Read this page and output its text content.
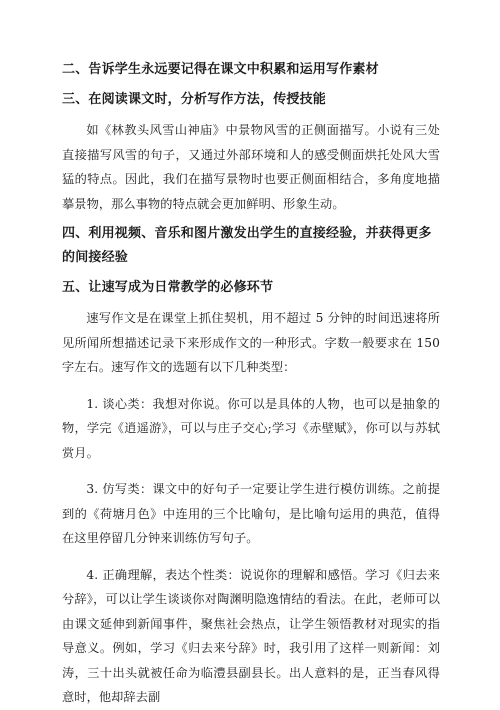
二、告诉学生永远要记得在课文中积累和运用写作素材

三、在阅读课文时，分析写作方法，传授技能

如《林教头风雪山神庙》中景物风雪的正侧面描写。小说有三处直接描写风雪的句子，又通过外部环境和人的感受侧面烘托处风大雪猛的特点。因此，我们在描写景物时也要正侧面相结合，多角度地描摹景物，那么事物的特点就会更加鲜明、形象生动。

四、利用视频、音乐和图片激发出学生的直接经验，并获得更多的间接经验

五、让速写成为日常教学的必修环节

速写作文是在课堂上抓住契机，用不超过 5 分钟的时间迅速将所见所闻所想描述记录下来形成作文的一种形式。字数一般要求在 150 字左右。速写作文的选题有以下几种类型：

1. 谈心类：我想对你说。你可以是具体的人物，也可以是抽象的物，学完《逍遥游》，可以与庄子交心;学习《赤壁赋》，你可以与苏轼赏月。

3. 仿写类：课文中的好句子一定要让学生进行模仿训练。之前提到的《荷塘月色》中连用的三个比喻句，是比喻句运用的典范，值得在这里停留几分钟来训练仿写句子。

4. 正确理解，表达个性类：说说你的理解和感悟。学习《归去来兮辞》，可以让学生谈谈你对陶渊明隐逸情结的看法。在此，老师可以由课文延伸到新闻事件，聚焦社会热点，让学生领悟教材对现实的指导意义。例如，学习《归去来兮辞》时，我引用了这样一则新闻：刘涛，三十出头就被任命为临澧县副县长。出人意料的是，正当春风得意时，他却辞去副
